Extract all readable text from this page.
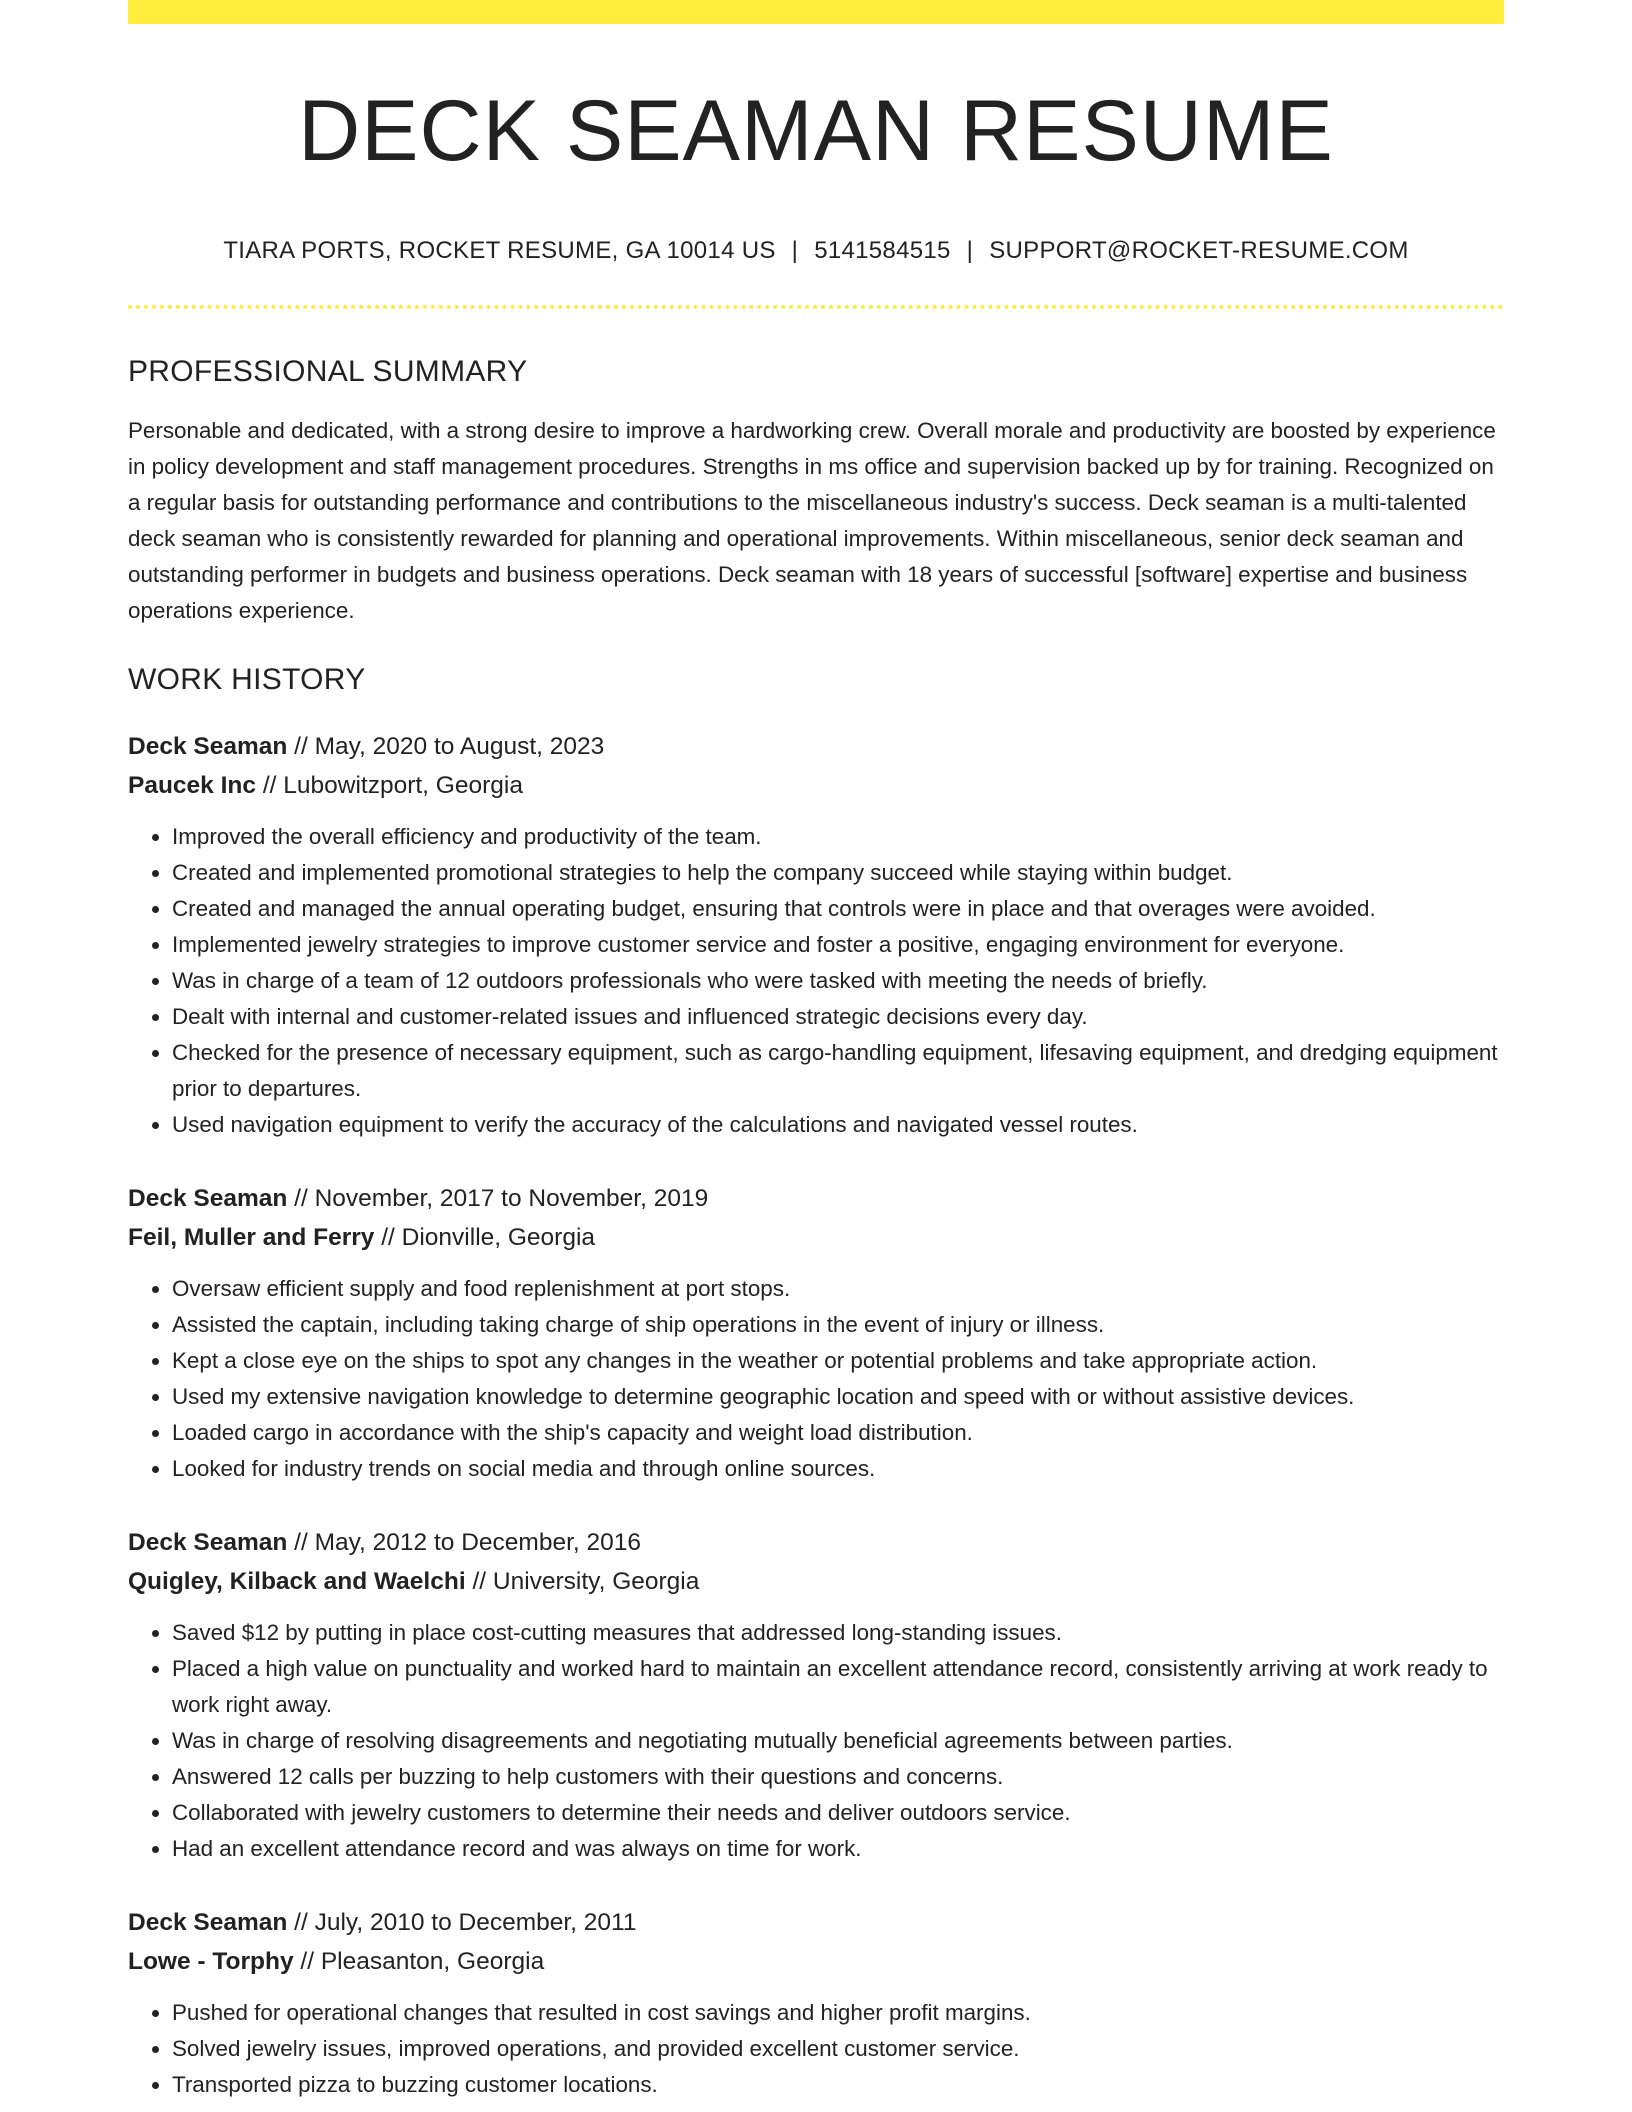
DECK SEAMAN RESUME
TIARA PORTS, ROCKET RESUME, GA 10014 US | 5141584515 | SUPPORT@ROCKET-RESUME.COM
PROFESSIONAL SUMMARY

Personable and dedicated, with a strong desire to improve a hardworking crew. Overall morale and productivity are boosted by experience in policy development and staff management procedures. Strengths in ms office and supervision backed up by for training. Recognized on a regular basis for outstanding performance and contributions to the miscellaneous industry's success. Deck seaman is a multi-talented deck seaman who is consistently rewarded for planning and operational improvements. Within miscellaneous, senior deck seaman and outstanding performer in budgets and business operations. Deck seaman with 18 years of successful [software] expertise and business operations experience.

WORK HISTORY
Deck Seaman // May, 2020 to August, 2023
Paucek Inc // Lubowitzport, Georgia
• Improved the overall efficiency and productivity of the team.
• Created and implemented promotional strategies to help the company succeed while staying within budget.
• Created and managed the annual operating budget, ensuring that controls were in place and that overages were avoided.
• Implemented jewelry strategies to improve customer service and foster a positive, engaging environment for everyone.
• Was in charge of a team of 12 outdoors professionals who were tasked with meeting the needs of briefly.
• Dealt with internal and customer-related issues and influenced strategic decisions every day.
• Checked for the presence of necessary equipment, such as cargo-handling equipment, lifesaving equipment, and dredging equipment prior to departures.
• Used navigation equipment to verify the accuracy of the calculations and navigated vessel routes.
Deck Seaman // November, 2017 to November, 2019
Feil, Muller and Ferry // Dionville, Georgia
• Oversaw efficient supply and food replenishment at port stops.
• Assisted the captain, including taking charge of ship operations in the event of injury or illness.
• Kept a close eye on the ships to spot any changes in the weather or potential problems and take appropriate action.
• Used my extensive navigation knowledge to determine geographic location and speed with or without assistive devices.
• Loaded cargo in accordance with the ship's capacity and weight load distribution.
• Looked for industry trends on social media and through online sources.
Deck Seaman // May, 2012 to December, 2016
Quigley, Kilback and Waelchi // University, Georgia
• Saved $12 by putting in place cost-cutting measures that addressed long-standing issues.
• Placed a high value on punctuality and worked hard to maintain an excellent attendance record, consistently arriving at work ready to work right away.
• Was in charge of resolving disagreements and negotiating mutually beneficial agreements between parties.
• Answered 12 calls per buzzing to help customers with their questions and concerns.
• Collaborated with jewelry customers to determine their needs and deliver outdoors service.
• Had an excellent attendance record and was always on time for work.
Deck Seaman // July, 2010 to December, 2011
Lowe - Torphy // Pleasanton, Georgia
• Pushed for operational changes that resulted in cost savings and higher profit margins.
• Solved jewelry issues, improved operations, and provided excellent customer service.
• Transported pizza to buzzing customer locations.
